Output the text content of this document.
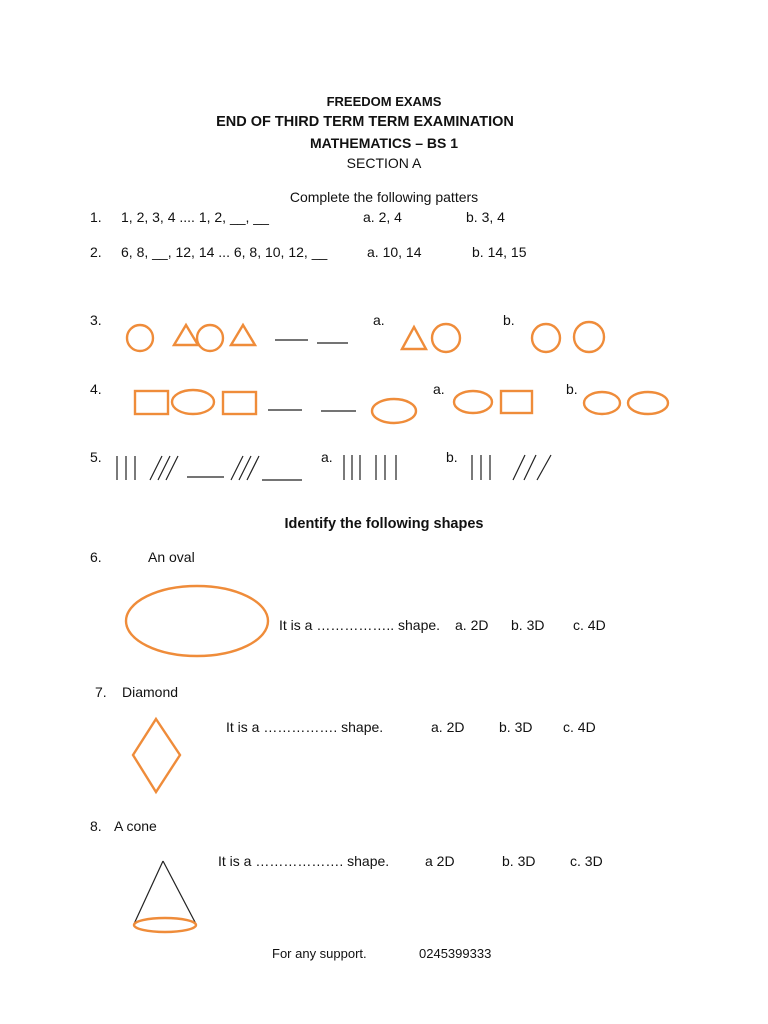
FREEDOM EXAMS
END OF THIRD TERM TERM EXAMINATION
MATHEMATICS – BS 1
SECTION A
Complete the following patters
1. 1, 2, 3, 4 .... 1, 2, __, __	a. 2, 4	b. 3, 4
2. 6, 8, __, 12, 14 ... 6, 8, 10, 12, __	a. 10, 14	b. 14, 15
3.	a.	b.
4.	a.	b.
5.	a.	b.
Identify the following shapes
6.	An oval
It is a …………….. shape. a. 2D b. 3D c. 4D
7. Diamond
It is a ……………. shape.	a. 2D b. 3D c. 4D
8. A cone
It is a ………………. shape.	a 2D	b. 3D c. 3D
For any support.	0245399333
